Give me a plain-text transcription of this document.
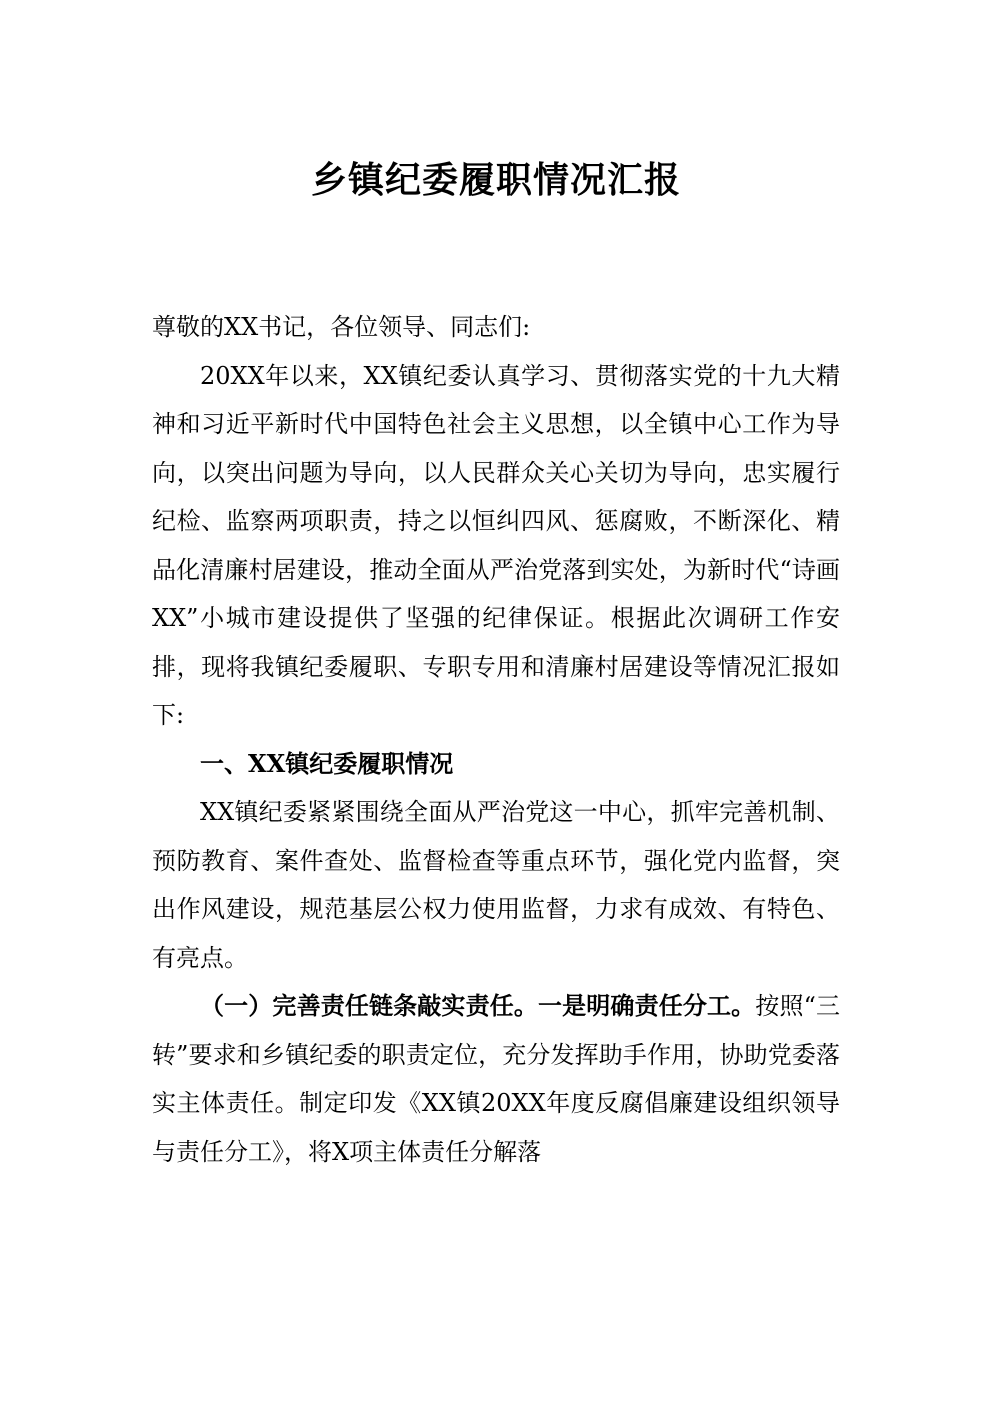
乡镇纪委履职情况汇报

尊敬的XX书记，各位领导、同志们:

20XX年以来，XX镇纪委认真学习、贯彻落实党的十九大精神和习近平新时代中国特色社会主义思想，以全镇中心工作为导向，以突出问题为导向，以人民群众关心关切为导向，忠实履行纪检、监察两项职责，持之以恒纠四风、惩腐败，不断深化、精品化清廉村居建设，推动全面从严治党落到实处，为新时代“诗画XX”小城市建设提供了坚强的纪律保证。根据此次调研工作安排，现将我镇纪委履职、专职专用和清廉村居建设等情况汇报如下:

一、XX镇纪委履职情况

XX镇纪委紧紧围绕全面从严治党这一中心，抓牢完善机制、预防教育、案件查处、监督检查等重点环节，强化党内监督，突出作风建设，规范基层公权力使用监督，力求有成效、有特色、有亮点。

（一）完善责任链条敲实责任。一是明确责任分工。按照“三转”要求和乡镇纪委的职责定位，充分发挥助手作用，协助党委落实主体责任。制定印发《XX镇20XX年度反腐倡廉建设组织领导与责任分工》，将X项主体责任分解落
